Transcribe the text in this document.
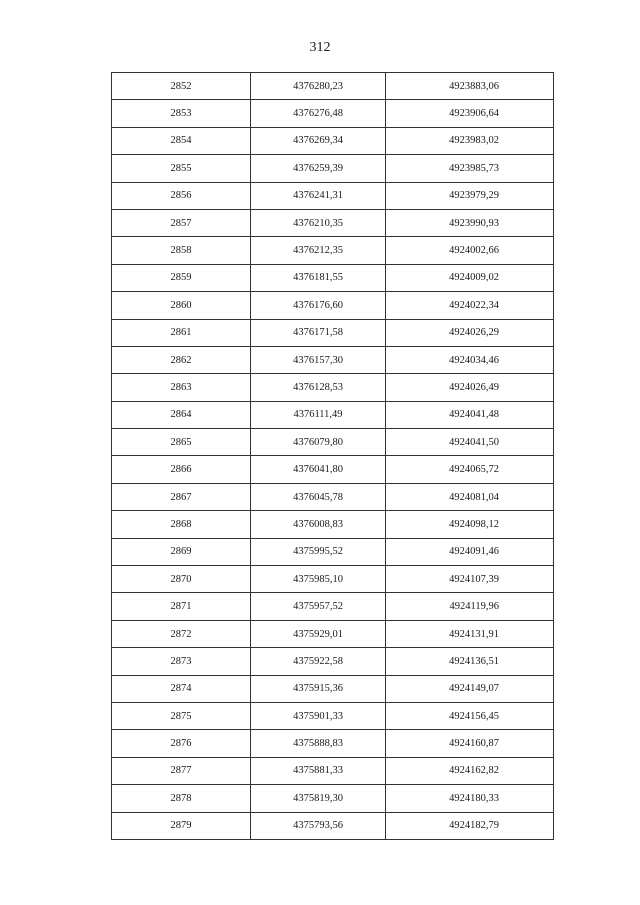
312
2852	4376280,23	4923883,06
2853	4376276,48	4923906,64
2854	4376269,34	4923983,02
2855	4376259,39	4923985,73
2856	4376241,31	4923979,29
2857	4376210,35	4923990,93
2858	4376212,35	4924002,66
2859	4376181,55	4924009,02
2860	4376176,60	4924022,34
2861	4376171,58	4924026,29
2862	4376157,30	4924034,46
2863	4376128,53	4924026,49
2864	4376111,49	4924041,48
2865	4376079,80	4924041,50
2866	4376041,80	4924065,72
2867	4376045,78	4924081,04
2868	4376008,83	4924098,12
2869	4375995,52	4924091,46
2870	4375985,10	4924107,39
2871	4375957,52	4924119,96
2872	4375929,01	4924131,91
2873	4375922,58	4924136,51
2874	4375915,36	4924149,07
2875	4375901,33	4924156,45
2876	4375888,83	4924160,87
2877	4375881,33	4924162,82
2878	4375819,30	4924180,33
2879	4375793,56	4924182,79
